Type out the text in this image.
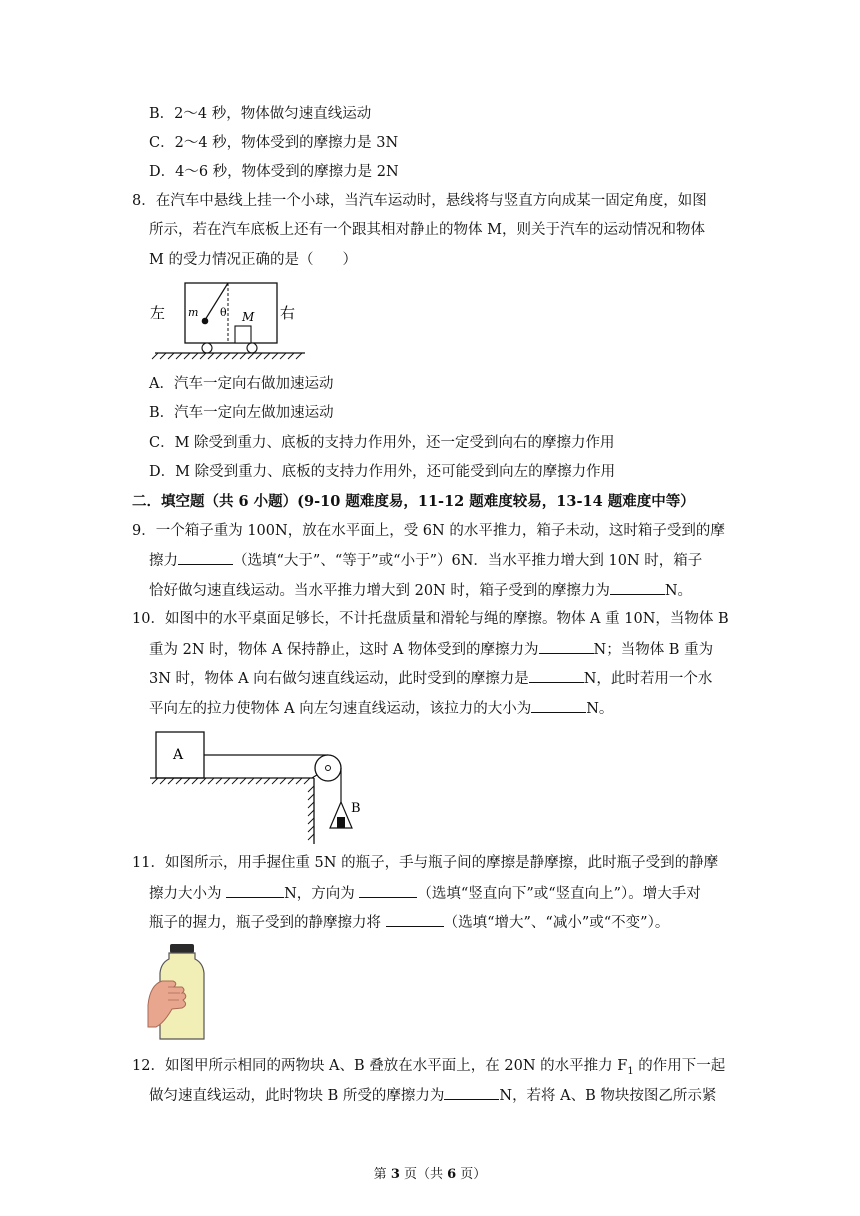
B．2～4 秒，物体做匀速直线运动
C．2～4 秒，物体受到的摩擦力是 3N
D．4～6 秒，物体受到的摩擦力是 2N
8．在汽车中悬线上挂一个小球，当汽车运动时，悬线将与竖直方向成某一固定角度，如图
所示，若在汽车底板上还有一个跟其相对静止的物体 M，则关于汽车的运动情况和物体
M 的受力情况正确的是（　　）
左	右
m θ M
A．汽车一定向右做加速运动
B．汽车一定向左做加速运动
C．M 除受到重力、底板的支持力作用外，还一定受到向右的摩擦力作用
D．M 除受到重力、底板的支持力作用外，还可能受到向左的摩擦力作用
二．填空题（共 6 小题）(9-10 题难度易，11-12 题难度较易，13-14 题难度中等）
9．一个箱子重为 100N，放在水平面上，受 6N 的水平推力，箱子未动，这时箱子受到的摩
擦力	（选填“大于”、“等于”或“小于”）6N．当水平推力增大到 10N 时，箱子
恰好做匀速直线运动。当水平推力增大到 20N 时，箱子受到的摩擦力为	N。
10．如图中的水平桌面足够长，不计托盘质量和滑轮与绳的摩擦。物体 A 重 10N，当物体 B
重为 2N 时，物体 A 保持静止，这时 A 物体受到的摩擦力为	N；当物体 B 重为
3N 时，物体 A 向右做匀速直线运动，此时受到的摩擦力是	N，此时若用一个水
平向左的拉力使物体 A 向左匀速直线运动，该拉力的大小为	N。
A
B
11．如图所示，用手握住重 5N 的瓶子，手与瓶子间的摩擦是静摩擦，此时瓶子受到的静摩
擦力大小为	N，方向为	（选填“竖直向下”或“竖直向上”）。增大手对
瓶子的握力，瓶子受到的静摩擦力将	（选填“增大”、“减小”或“不变”）。
12．如图甲所示相同的两物块 A、B 叠放在水平面上，在 20N 的水平推力 $F_1$ 的作用下一起
做匀速直线运动，此时物块 B 所受的摩擦力为	N，若将 A、B 物块按图乙所示紧
第 3 页（共 6 页）
